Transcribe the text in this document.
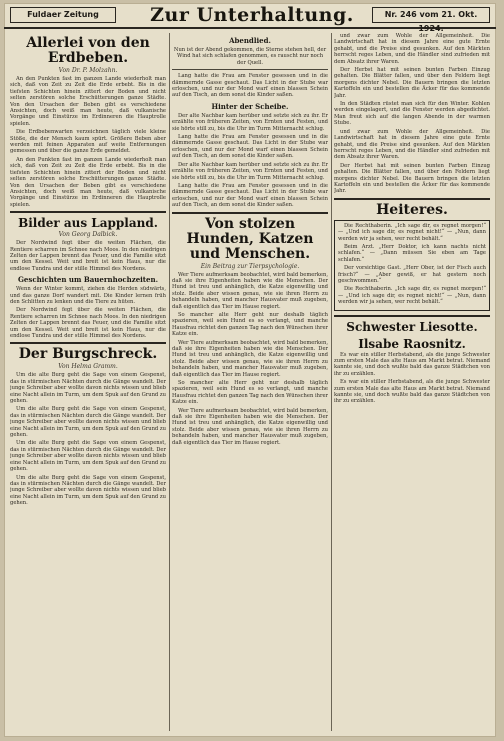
Fuldaer Zeitung	Zur Unterhaltung.	Nr. 246 vom 21. Okt. 1924.
Allerlei von den Erdbeben.
Von Dr. P. Molzahn.

An den Punkten fast im ganzen Lande wiederholt man sich, daß von Zeit zu Zeit die Erde erbebt. Bis in die tiefsten Schichten hinein zittert der Boden und nicht selten zerstören solche Erschütterungen ganze Städte. Von den Ursachen der Beben gibt es verschiedene Ansichten, doch weiß man heute, daß vulkanische Vorgänge und Einstürze im Erdinneren die Hauptrolle spielen.

Die Erdbebenwarten verzeichnen täglich viele kleine Stöße, die der Mensch kaum spürt. Größere Beben aber werden mit feinen Apparaten auf weite Entfernungen gemessen und über die ganze Erde gemeldet.

An den Punkten fast im ganzen Lande wiederholt man sich, daß von Zeit zu Zeit die Erde erbebt. Bis in die tiefsten Schichten hinein zittert der Boden und nicht selten zerstören solche Erschütterungen ganze Städte. Von den Ursachen der Beben gibt es verschiedene Ansichten, doch weiß man heute, daß vulkanische Vorgänge und Einstürze im Erdinneren die Hauptrolle spielen.

Bilder aus Lappland.
Von Georg Dalbick.

Der Nordwind fegt über die weiten Flächen, die Rentiere scharren im Schnee nach Moos. In den niedrigen Zelten der Lappen brennt das Feuer, und die Familie sitzt um den Kessel. Weit und breit ist kein Haus, nur die endlose Tundra und der stille Himmel des Nordens.

Geschichten um Bauernhochzeiten.

Wenn der Winter kommt, ziehen die Herden südwärts, und das ganze Dorf wandert mit. Die Kinder lernen früh den Schlitten zu lenken und die Tiere zu hüten.

Der Nordwind fegt über die weiten Flächen, die Rentiere scharren im Schnee nach Moos. In den niedrigen Zelten der Lappen brennt das Feuer, und die Familie sitzt um den Kessel. Weit und breit ist kein Haus, nur die endlose Tundra und der stille Himmel des Nordens.

Der Burgschreck.
Von Helma Gramm.

Um die alte Burg geht die Sage von einem Gespenst, das in stürmischen Nächten durch die Gänge wandelt. Der junge Schreiber aber wollte davon nichts wissen und blieb eine Nacht allein im Turm, um dem Spuk auf den Grund zu gehen.

Um die alte Burg geht die Sage von einem Gespenst, das in stürmischen Nächten durch die Gänge wandelt. Der junge Schreiber aber wollte davon nichts wissen und blieb eine Nacht allein im Turm, um dem Spuk auf den Grund zu gehen.

Um die alte Burg geht die Sage von einem Gespenst, das in stürmischen Nächten durch die Gänge wandelt. Der junge Schreiber aber wollte davon nichts wissen und blieb eine Nacht allein im Turm, um dem Spuk auf den Grund zu gehen.

Um die alte Burg geht die Sage von einem Gespenst, das in stürmischen Nächten durch die Gänge wandelt. Der junge Schreiber aber wollte davon nichts wissen und blieb eine Nacht allein im Turm, um dem Spuk auf den Grund zu gehen.

Abendlied.

Nun ist der Abend gekommen, die Sterne stehen hell, der Wind hat sich schlafen genommen, es rauscht nur noch der Quell.

Lang hatte die Frau am Fenster gesessen und in die dämmernde Gasse geschaut. Das Licht in der Stube war erloschen, und nur der Mond warf einen blassen Schein auf den Tisch, an dem sonst die Kinder saßen.

Hinter der Scheibe.

Der alte Nachbar kam herüber und setzte sich zu ihr. Er erzählte von früheren Zeiten, von Ernten und Festen, und sie hörte still zu, bis die Uhr im Turm Mitternacht schlug.

Lang hatte die Frau am Fenster gesessen und in die dämmernde Gasse geschaut. Das Licht in der Stube war erloschen, und nur der Mond warf einen blassen Schein auf den Tisch, an dem sonst die Kinder saßen.

Der alte Nachbar kam herüber und setzte sich zu ihr. Er erzählte von früheren Zeiten, von Ernten und Festen, und sie hörte still zu, bis die Uhr im Turm Mitternacht schlug.

Lang hatte die Frau am Fenster gesessen und in die dämmernde Gasse geschaut. Das Licht in der Stube war erloschen, und nur der Mond warf einen blassen Schein auf den Tisch, an dem sonst die Kinder saßen.

Von stolzen Hunden, Katzen und Menschen.
Ein Beitrag zur Tierpsychologie.

Wer Tiere aufmerksam beobachtet, wird bald bemerken, daß sie ihre Eigenheiten haben wie die Menschen. Der Hund ist treu und anhänglich, die Katze eigenwillig und stolz. Beide aber wissen genau, wie sie ihren Herrn zu behandeln haben, und mancher Hausvater muß zugeben, daß eigentlich das Tier im Hause regiert.

So mancher alte Herr geht nur deshalb täglich spazieren, weil sein Hund es so verlangt, und manche Hausfrau richtet den ganzen Tag nach den Wünschen ihrer Katze ein.

Wer Tiere aufmerksam beobachtet, wird bald bemerken, daß sie ihre Eigenheiten haben wie die Menschen. Der Hund ist treu und anhänglich, die Katze eigenwillig und stolz. Beide aber wissen genau, wie sie ihren Herrn zu behandeln haben, und mancher Hausvater muß zugeben, daß eigentlich das Tier im Hause regiert.

So mancher alte Herr geht nur deshalb täglich spazieren, weil sein Hund es so verlangt, und manche Hausfrau richtet den ganzen Tag nach den Wünschen ihrer Katze ein.

Wer Tiere aufmerksam beobachtet, wird bald bemerken, daß sie ihre Eigenheiten haben wie die Menschen. Der Hund ist treu und anhänglich, die Katze eigenwillig und stolz. Beide aber wissen genau, wie sie ihren Herrn zu behandeln haben, und mancher Hausvater muß zugeben, daß eigentlich das Tier im Hause regiert.

und zwar zum Wohle der Allgemeinheit. Die Landwirtschaft hat in diesem Jahre eine gute Ernte gehabt, und die Preise sind gesunken. Auf den Märkten herrscht reges Leben, und die Händler sind zufrieden mit dem Absatz ihrer Waren.

Der Herbst hat mit seinen bunten Farben Einzug gehalten. Die Blätter fallen, und über den Feldern liegt morgens dichter Nebel. Die Bauern bringen die letzten Kartoffeln ein und bestellen die Äcker für das kommende Jahr.

In den Städten rüstet man sich für den Winter. Kohlen werden eingelagert, und die Fenster werden abgedichtet. Man freut sich auf die langen Abende in der warmen Stube.

und zwar zum Wohle der Allgemeinheit. Die Landwirtschaft hat in diesem Jahre eine gute Ernte gehabt, und die Preise sind gesunken. Auf den Märkten herrscht reges Leben, und die Händler sind zufrieden mit dem Absatz ihrer Waren.

Der Herbst hat mit seinen bunten Farben Einzug gehalten. Die Blätter fallen, und über den Feldern liegt morgens dichter Nebel. Die Bauern bringen die letzten Kartoffeln ein und bestellen die Äcker für das kommende Jahr.

Heiteres.

Die Rechthaberin. „Ich sage dir, es regnet morgen!“ — „Und ich sage dir, es regnet nicht!“ — „Nun, dann werden wir ja sehen, wer recht behält.“

Beim Arzt. „Herr Doktor, ich kann nachts nicht schlafen.“ — „Dann müssen Sie eben am Tage schlafen.“

Der vorsichtige Gast. „Herr Ober, ist der Fisch auch frisch?“ — „Aber gewiß, er hat gestern noch geschwommen.“

Die Rechthaberin. „Ich sage dir, es regnet morgen!“ — „Und ich sage dir, es regnet nicht!“ — „Nun, dann werden wir ja sehen, wer recht behält.“

Schwester Liesotte.
Ilsabe Raosnitz.

Es war ein stiller Herbstabend, als die junge Schwester zum ersten Male das alte Haus am Markt betrat. Niemand kannte sie, und doch wußte bald das ganze Städtchen von ihr zu erzählen.

Es war ein stiller Herbstabend, als die junge Schwester zum ersten Male das alte Haus am Markt betrat. Niemand kannte sie, und doch wußte bald das ganze Städtchen von ihr zu erzählen.
